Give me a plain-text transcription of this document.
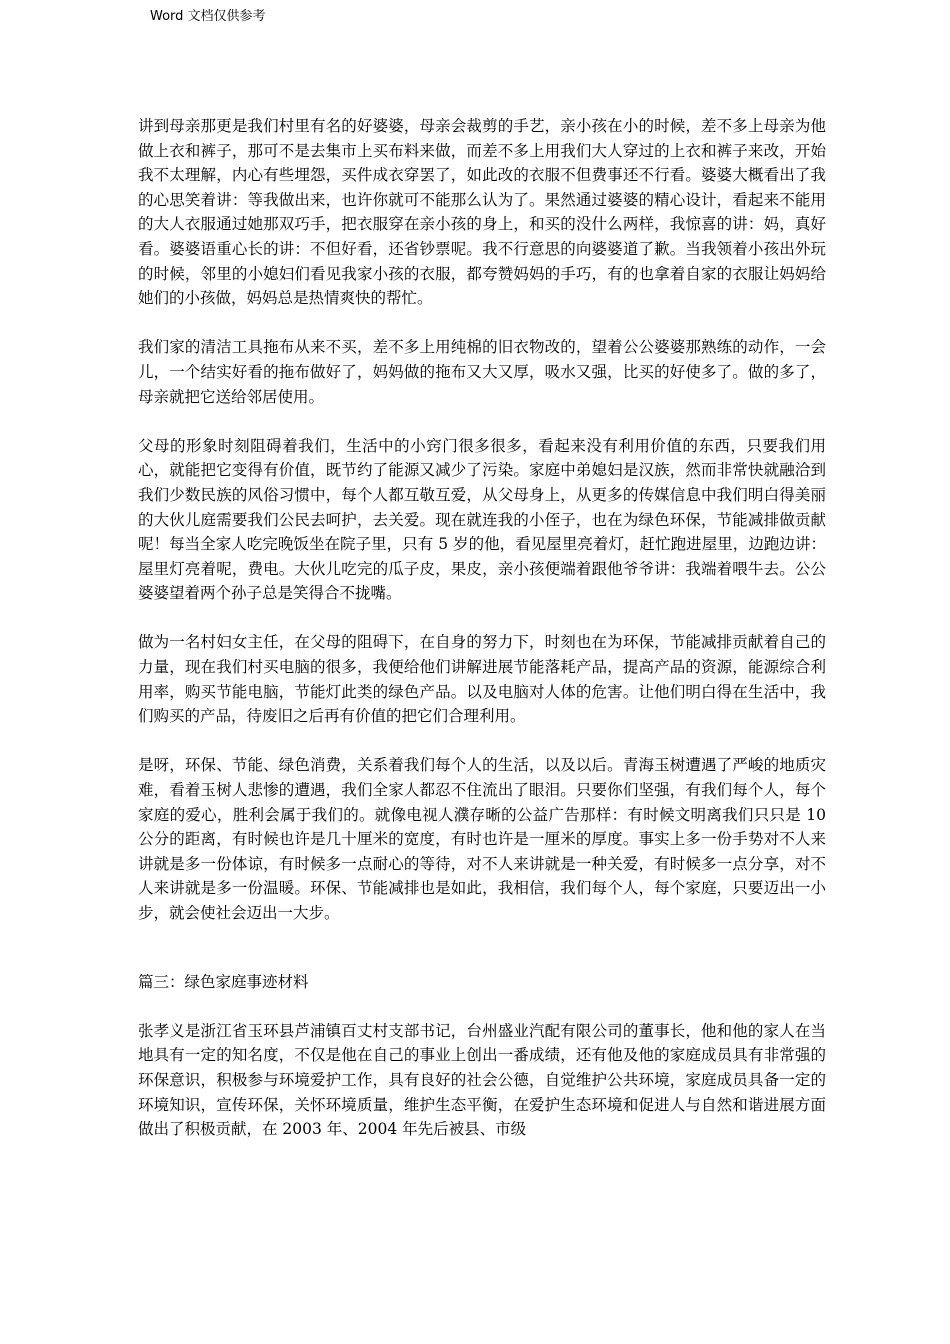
Word 文档仅供参考

讲到母亲那更是我们村里有名的好婆婆，母亲会裁剪的手艺，亲小孩在小的时候，差不多上母亲为他做上衣和裤子，那可不是去集市上买布料来做，而差不多上用我们大人穿过的上衣和裤子来改，开始我不太理解，内心有些埋怨，买件成衣穿罢了，如此改的衣服不但费事还不行看。婆婆大概看出了我的心思笑着讲：等我做出来，也许你就可不能那么认为了。果然通过婆婆的精心设计，看起来不能用的大人衣服通过她那双巧手，把衣服穿在亲小孩的身上，和买的没什么两样，我惊喜的讲：妈，真好看。婆婆语重心长的讲：不但好看，还省钞票呢。我不行意思的向婆婆道了歉。当我领着小孩出外玩的时候，邻里的小媳妇们看见我家小孩的衣服，都夸赞妈妈的手巧，有的也拿着自家的衣服让妈妈给她们的小孩做，妈妈总是热情爽快的帮忙。

我们家的清洁工具拖布从来不买，差不多上用纯棉的旧衣物改的，望着公公婆婆那熟练的动作，一会儿，一个结实好看的拖布做好了，妈妈做的拖布又大又厚，吸水又强，比买的好使多了。做的多了，母亲就把它送给邻居使用。

父母的形象时刻阻碍着我们，生活中的小窍门很多很多，看起来没有利用价值的东西，只要我们用心，就能把它变得有价值，既节约了能源又减少了污染。家庭中弟媳妇是汉族，然而非常快就融洽到我们少数民族的风俗习惯中，每个人都互敬互爱，从父母身上，从更多的传媒信息中我们明白得美丽的大伙儿庭需要我们公民去呵护，去关爱。现在就连我的小侄子，也在为绿色环保，节能减排做贡献呢！每当全家人吃完晚饭坐在院子里，只有 5 岁的他，看见屋里亮着灯，赶忙跑进屋里，边跑边讲：屋里灯亮着呢，费电。大伙儿吃完的瓜子皮，果皮，亲小孩便端着跟他爷爷讲：我端着喂牛去。公公婆婆望着两个孙子总是笑得合不拢嘴。

做为一名村妇女主任，在父母的阻碍下，在自身的努力下，时刻也在为环保，节能减排贡献着自己的力量，现在我们村买电脑的很多，我便给他们讲解进展节能落耗产品，提高产品的资源，能源综合利用率，购买节能电脑，节能灯此类的绿色产品。以及电脑对人体的危害。让他们明白得在生活中，我们购买的产品，待废旧之后再有价值的把它们合理利用。

是呀，环保、节能、绿色消费，关系着我们每个人的生活，以及以后。青海玉树遭遇了严峻的地质灾难，看着玉树人悲惨的遭遇，我们全家人都忍不住流出了眼泪。只要你们坚强，有我们每个人，每个家庭的爱心，胜利会属于我们的。就像电视人濮存晰的公益广告那样：有时候文明离我们只只是 10 公分的距离，有时候也许是几十厘米的宽度，有时也许是一厘米的厚度。事实上多一份手势对不人来讲就是多一份体谅，有时候多一点耐心的等待，对不人来讲就是一种关爱，有时候多一点分享，对不人来讲就是多一份温暖。环保、节能减排也是如此，我相信，我们每个人，每个家庭，只要迈出一小步，就会使社会迈出一大步。

篇三：绿色家庭事迹材料

张孝义是浙江省玉环县芦浦镇百丈村支部书记，台州盛业汽配有限公司的董事长，他和他的家人在当地具有一定的知名度，不仅是他在自己的事业上创出一番成绩，还有他及他的家庭成员具有非常强的环保意识，积极参与环境爱护工作，具有良好的社会公德，自觉维护公共环境，家庭成员具备一定的环境知识，宣传环保，关怀环境质量，维护生态平衡，在爱护生态环境和促进人与自然和谐进展方面做出了积极贡献，在 2003 年、2004 年先后被县、市级
